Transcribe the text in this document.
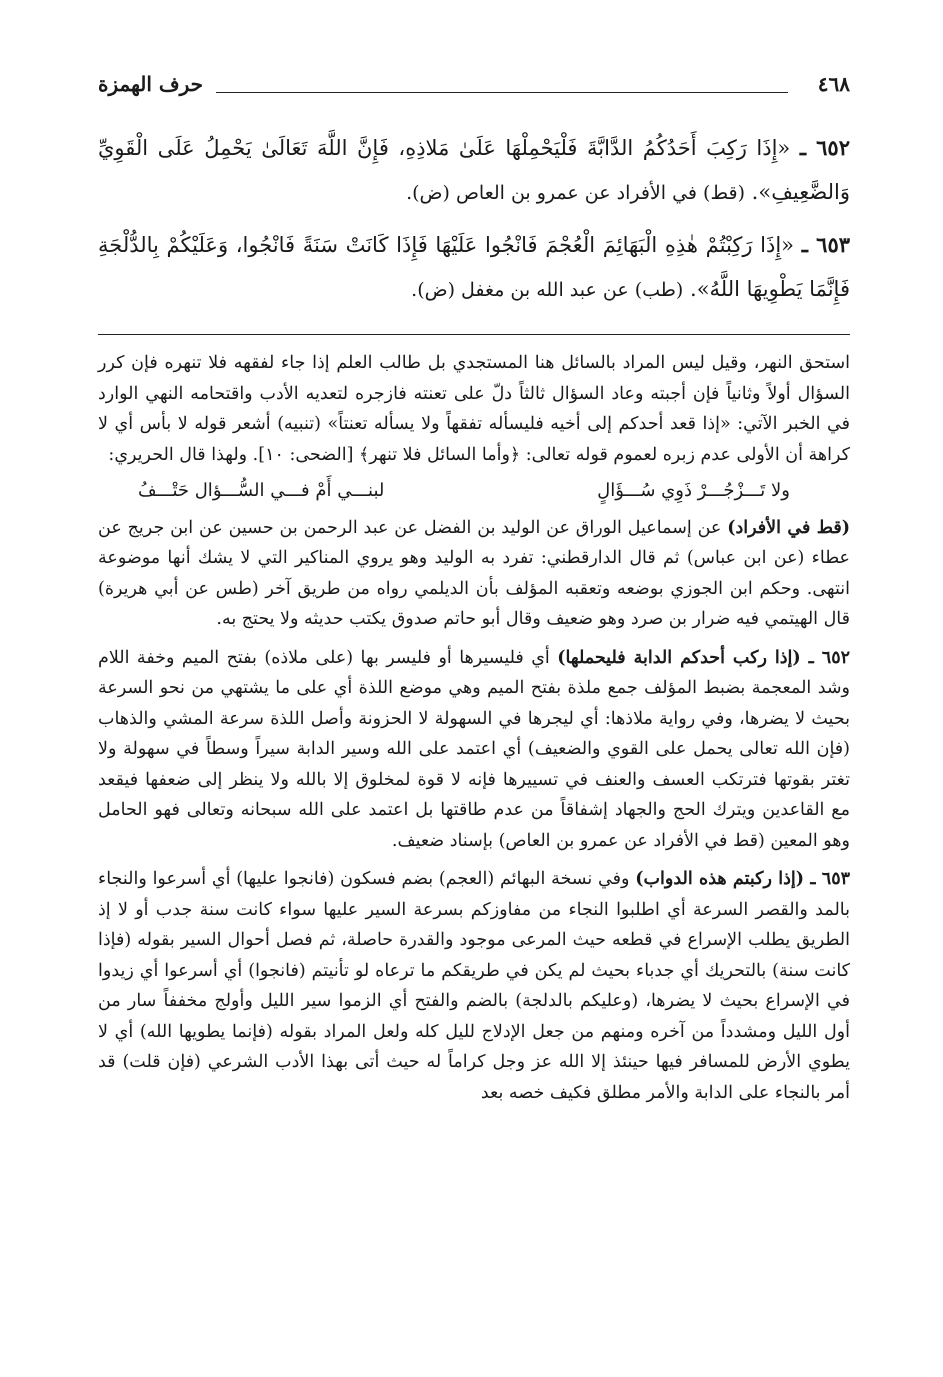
٤٦٨
حرف الهمزة

٦٥٢ ـ «إِذَا رَكِبَ أَحَدُكُمُ الدَّابَّةَ فَلْيَحْمِلْهَا عَلَىٰ مَلاذِهِ، فَإِنَّ اللَّهَ تَعَالَىٰ يَحْمِلُ عَلَى الْقَوِيِّ وَالضَّعِيفِ». (قط) في الأفراد عن عمرو بن العاص (ض).

٦٥٣ ـ «إِذَا رَكِبْتُمْ هٰذِهِ الْبَهَائِمَ الْعُجْمَ فَانْجُوا عَلَيْهَا فَإِذَا كَانَتْ سَنَةً فَانْجُوا، وَعَلَيْكُمْ بِالدُّلْجَةِ فَإِنَّمَا يَطْوِيهَا اللَّهُ». (طب) عن عبد الله بن مغفل (ض).

استحق النهر، وقيل ليس المراد بالسائل هنا المستجدي بل طالب العلم إذا جاء لفقهه فلا تنهره فإن كرر السؤال أولاً وثانياً فإن أجبته وعاد السؤال ثالثاً دلّ على تعنته فازجره لتعديه الأدب واقتحامه النهي الوارد في الخبر الآتي: «إذا قعد أحدكم إلى أخيه فليسأله تفقهاً ولا يسأله تعنتاً» (تنبيه) أشعر قوله لا بأس أي لا كراهة أن الأولى عدم زبره لعموم قوله تعالى: ﴿وأما السائل فلا تنهر﴾ [الضحى: ١٠]. ولهذا قال الحريري:

ولا تَـــزْجُـــرْ ذَوِي سُـــؤَالٍ
لبنـــي أَمْ فـــي السُّـــؤال حَتْـــفُ

(قط في الأفراد) عن إسماعيل الوراق عن الوليد بن الفضل عن عبد الرحمن بن حسين عن ابن جريج عن عطاء (عن ابن عباس) ثم قال الدارقطني: تفرد به الوليد وهو يروي المناكير التي لا يشك أنها موضوعة انتهى. وحكم ابن الجوزي بوضعه وتعقبه المؤلف بأن الديلمي رواه من طريق آخر (طس عن أبي هريرة) قال الهيتمي فيه ضرار بن صرد وهو ضعيف وقال أبو حاتم صدوق يكتب حديثه ولا يحتج به.

٦٥٢ ـ (إذا ركب أحدكم الدابة فليحملها) أي فليسيرها أو فليسر بها (على ملاذه) بفتح الميم وخفة اللام وشد المعجمة بضبط المؤلف جمع ملذة بفتح الميم وهي موضع اللذة أي على ما يشتهي من نحو السرعة بحيث لا يضرها، وفي رواية ملاذها: أي ليجرها في السهولة لا الحزونة وأصل اللذة سرعة المشي والذهاب (فإن الله تعالى يحمل على القوي والضعيف) أي اعتمد على الله وسير الدابة سيراً وسطاً في سهولة ولا تغتر بقوتها فترتكب العسف والعنف في تسييرها فإنه لا قوة لمخلوق إلا بالله ولا ينظر إلى ضعفها فيقعد مع القاعدين ويترك الحج والجهاد إشفاقاً من عدم طاقتها بل اعتمد على الله سبحانه وتعالى فهو الحامل وهو المعين (قط في الأفراد عن عمرو بن العاص) بإسناد ضعيف.

٦٥٣ ـ (إذا ركبتم هذه الدواب) وفي نسخة البهائم (العجم) بضم فسكون (فانجوا عليها) أي أسرعوا والنجاء بالمد والقصر السرعة أي اطلبوا النجاء من مفاوزكم بسرعة السير عليها سواء كانت سنة جدب أو لا إذ الطريق يطلب الإسراع في قطعه حيث المرعى موجود والقدرة حاصلة، ثم فصل أحوال السير بقوله (فإذا كانت سنة) بالتحريك أي جدباء بحيث لم يكن في طريقكم ما ترعاه لو تأنيتم (فانجوا) أي أسرعوا أي زيدوا في الإسراع بحيث لا يضرها، (وعليكم بالدلجة) بالضم والفتح أي الزموا سير الليل وأولج مخففاً سار من أول الليل ومشدداً من آخره ومنهم من جعل الإدلاج لليل كله ولعل المراد بقوله (فإنما يطويها الله) أي لا يطوي الأرض للمسافر فيها حينئذ إلا الله عز وجل كراماً له حيث أتى بهذا الأدب الشرعي (فإن قلت) قد أمر بالنجاء على الدابة والأمر مطلق فكيف خصه بعد
